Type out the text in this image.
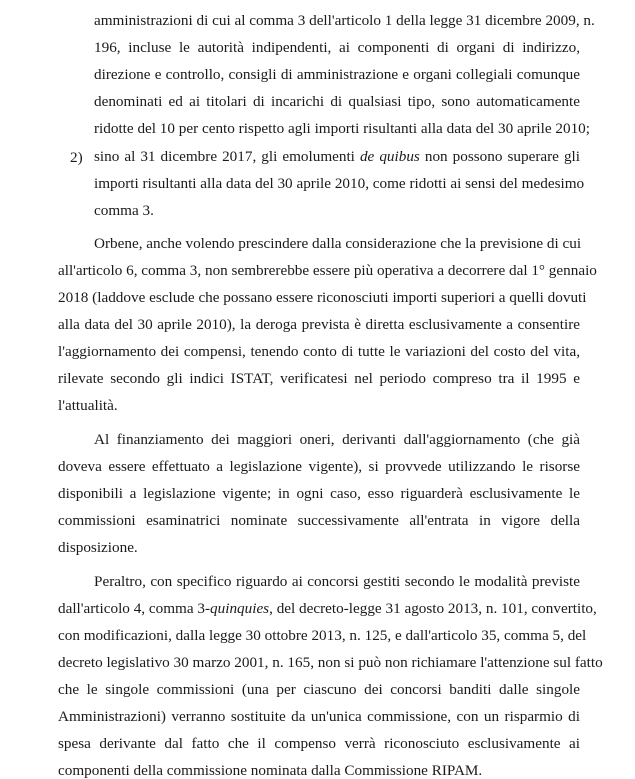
amministrazioni di cui al comma 3 dell'articolo 1 della legge 31 dicembre 2009, n.
196, incluse le autorità indipendenti, ai componenti di organi di indirizzo,
direzione e controllo, consigli di amministrazione e organi collegiali comunque
denominati ed ai titolari di incarichi di qualsiasi tipo, sono automaticamente
ridotte del 10 per cento rispetto agli importi risultanti alla data del 30 aprile 2010;
2) sino al 31 dicembre 2017, gli emolumenti de quibus non possono superare gli
importi risultanti alla data del 30 aprile 2010, come ridotti ai sensi del medesimo
comma 3.
Orbene, anche volendo prescindere dalla considerazione che la previsione di cui
all'articolo 6, comma 3, non sembrerebbe essere più operativa a decorrere dal 1° gennaio
2018 (laddove esclude che possano essere riconosciuti importi superiori a quelli dovuti
alla data del 30 aprile 2010), la deroga prevista è diretta esclusivamente a consentire
l'aggiornamento dei compensi, tenendo conto di tutte le variazioni del costo del vita,
rilevate secondo gli indici ISTAT, verificatesi nel periodo compreso tra il 1995 e
l'attualità.
Al finanziamento dei maggiori oneri, derivanti dall'aggiornamento (che già
doveva essere effettuato a legislazione vigente), si provvede utilizzando le risorse
disponibili a legislazione vigente; in ogni caso, esso riguarderà esclusivamente le
commissioni esaminatrici nominate successivamente all'entrata in vigore della
disposizione.
Peraltro, con specifico riguardo ai concorsi gestiti secondo le modalità previste
dall'articolo 4, comma 3-quinquies, del decreto-legge 31 agosto 2013, n. 101, convertito,
con modificazioni, dalla legge 30 ottobre 2013, n. 125, e dall'articolo 35, comma 5, del
decreto legislativo 30 marzo 2001, n. 165, non si può non richiamare l'attenzione sul fatto
che le singole commissioni (una per ciascuno dei concorsi banditi dalle singole
Amministrazioni) verranno sostituite da un'unica commissione, con un risparmio di
spesa derivante dal fatto che il compenso verrà riconosciuto esclusivamente ai
componenti della commissione nominata dalla Commissione RIPAM.
